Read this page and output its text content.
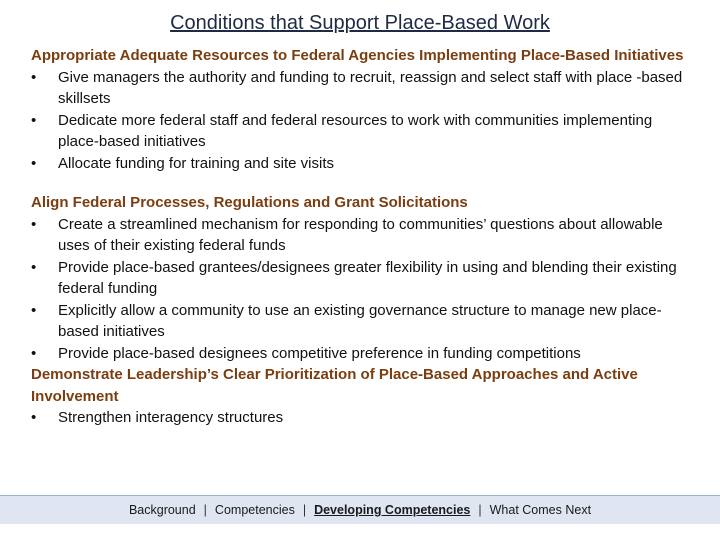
Conditions that Support Place-Based Work

Appropriate Adequate Resources to Federal Agencies Implementing Place-Based Initiatives

• Give managers the authority and funding to recruit, reassign and select staff with place -based skillsets
• Dedicate more federal staff and federal resources to work with communities implementing place-based initiatives
• Allocate funding for training and site visits

Align Federal Processes, Regulations and Grant Solicitations

• Create a streamlined mechanism for responding to communities’ questions about allowable uses of their existing federal funds
• Provide place-based grantees/designees greater flexibility in using and blending their existing federal funding
• Explicitly allow a community to use an existing governance structure to manage new place-based initiatives
• Provide place-based designees competitive preference in funding competitions

Demonstrate Leadership’s Clear Prioritization of Place-Based Approaches and Active Involvement

• Strengthen interagency structures
Background | Competencies | Developing Competencies | What Comes Next
